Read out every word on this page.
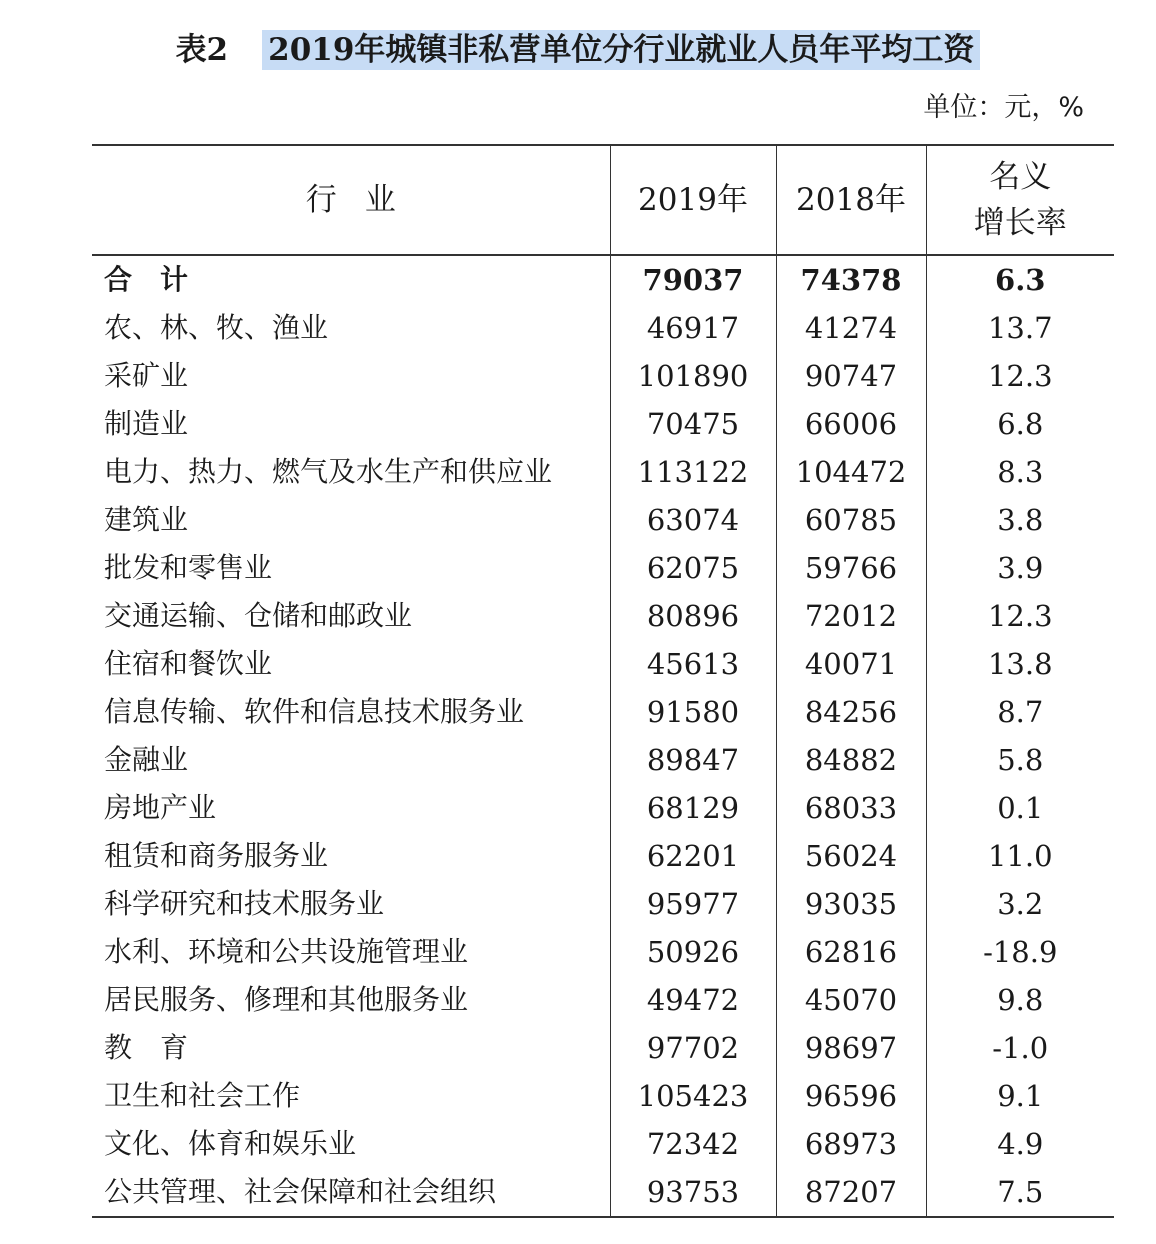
表2 2019年城镇非私营单位分行业就业人员年平均工资
单位：元，%
行 业	2019年	2018年	名义
增长率

合 计	79037	74378	6.3
农、林、牧、渔业	46917	41274	13.7
采矿业	101890	90747	12.3
制造业	70475	66006	6.8
电力、热力、燃气及水生产和供应业	113122	104472	8.3
建筑业	63074	60785	3.8
批发和零售业	62075	59766	3.9
交通运输、仓储和邮政业	80896	72012	12.3
住宿和餐饮业	45613	40071	13.8
信息传输、软件和信息技术服务业	91580	84256	8.7
金融业	89847	84882	5.8
房地产业	68129	68033	0.1
租赁和商务服务业	62201	56024	11.0
科学研究和技术服务业	95977	93035	3.2
水利、环境和公共设施管理业	50926	62816	-18.9
居民服务、修理和其他服务业	49472	45070	9.8
教 育	97702	98697	-1.0
卫生和社会工作	105423	96596	9.1
文化、体育和娱乐业	72342	68973	4.9
公共管理、社会保障和社会组织	93753	87207	7.5
